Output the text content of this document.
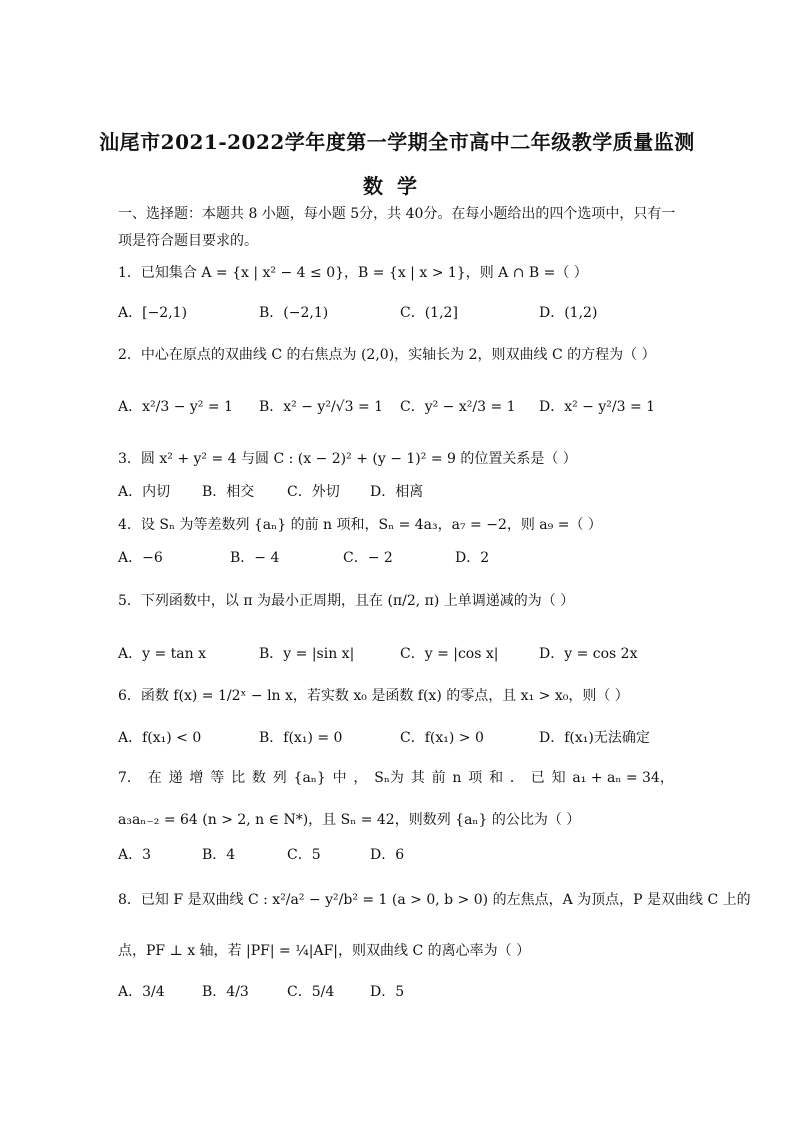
汕尾市2021-2022学年度第一学期全市高中二年级教学质量监测
数学
一、选择题：本题共 8 小题，每小题 5分，共 40分。在每小题给出的四个选项中，只有一
项是符合题目要求的。
1．已知集合 A = {x | x² − 4 ≤ 0}，B = {x | x > 1}，则 A ∩ B =（ ）
A．[−2,1)	B．(−2,1)	C．(1,2]	D．(1,2)
2．中心在原点的双曲线 C 的右焦点为 (2,0)，实轴长为 2，则双曲线 C 的方程为（ ）
A．x²/3 − y² = 1 B．x² − y²/√3 = 1 C．y² − x²/3 = 1 D．x² − y²/3 = 1
3．圆 x² + y² = 4 与圆 C : (x − 2)² + (y − 1)² = 9 的位置关系是（ ）
A．内切 B．相交 C．外切 D．相离
4．设 Sₙ 为等差数列 {aₙ} 的前 n 项和，Sₙ = 4a₃，a₇ = −2，则 a₉ =（ ）
A．−6	B．− 4	C．− 2	D．2
5．下列函数中，以 π 为最小正周期，且在 (π/2, π) 上单调递减的为（ ）
A．y = tan x	B．y = |sin x|	C．y = |cos x|	D．y = cos 2x
6．函数 f(x) = 1/2ˣ − ln x，若实数 x₀ 是函数 f(x) 的零点，且 x₁ > x₀，则（ ）
A．f(x₁) < 0	B．f(x₁) = 0	C．f(x₁) > 0	D．f(x₁)无法确定
7． 在 递 增 等 比 数 列 {aₙ} 中 ， Sₙ为 其 前 n 项 和 ． 已 知 a₁ + aₙ = 34，
a₃aₙ₋₂ = 64 (n > 2, n ∈ N*)，且 Sₙ = 42，则数列 {aₙ} 的公比为（ ）
A．3	B．4	C．5	D．6
8．已知 F 是双曲线 C : x²/a² − y²/b² = 1 (a > 0, b > 0) 的左焦点，A 为顶点，P 是双曲线 C 上的
点，PF ⊥ x 轴，若 |PF| = ¼|AF|，则双曲线 C 的离心率为（ ）
A．3/4	B．4/3	C．5/4	D．5
